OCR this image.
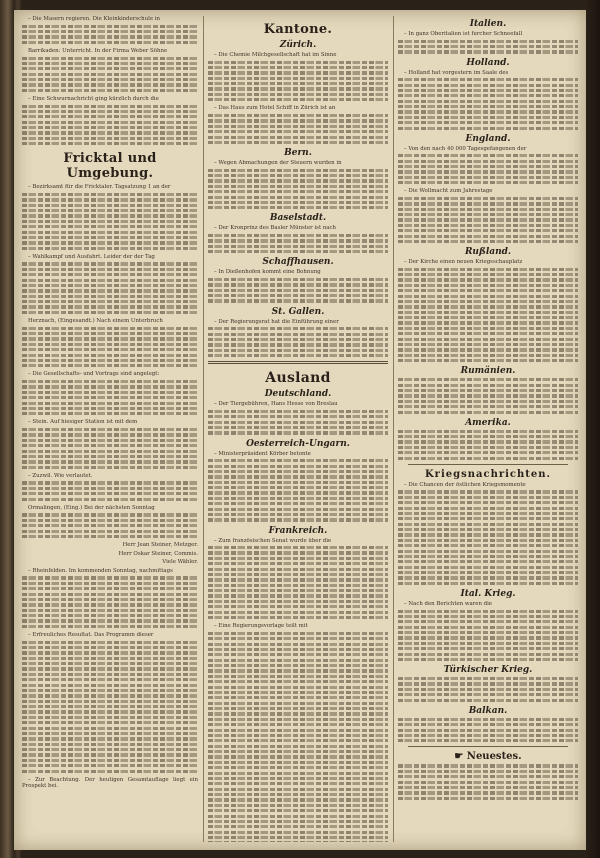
– Die Masern regieren. Die Kleinkinderschule in

Barrikaden: Unterricht. In der Firma Weber Söhne

– Eine Schwurnachricht ging kürzlich durch die

Fricktal und Umgebung.

– Bezirksamt für die Fricktaler. Tagsatzung 1 an der

– Wahlkampf und Ausfahrt. Leider der der Tag

Herznach, (Eingesandt.) Nach einem Unterbruch

– Die Gesellschafts- und Vortrags sind angelegt:

– Stein. Auf hiesiger Station ist mit dem

– Zuzwil. Wie verlautet.

Ormalingen, (Eing.) Bei der nächsten Sonntag

Herr Jean Steiner, Metzger.

Herr Oskar Steiner, Commis.

Viele Wähler.

– Rheinfelden. Im kommenden Sonntag, nachmittags

– Erfreuliches Resultat. Das Programm dieser

– Zur Beachtung. Der heutigen Gesamtauflage liegt ein Prospekt bei.

Kantone.
Zürich.

– Die Chemie Milchgesellschaft hat im Sinne

– Das Haus zum Hotel Schiff in Zürich ist an

Bern.

– Wegen Abmachungen der Steuern wurden in

Baselstadt.

– Der Kronprinz des Basler Münster ist nach

Schaffhausen.

– In Dießenhofen kommt eine Bohnung

St. Gallen.

– Der Regierungsrat hat die Einführung einer

Ausland
Deutschland.

– Der Tiergebühren, Hans Hesse von Breslau

Oesterreich-Ungarn.

– Ministerpräsident Körber betonte

Frankreich.

– Zum französischen Senat wurde über die

– Eine Regierungsvorlage teilt mit

Italien.

– In ganz Oberitalien ist furcher Schneefall

Holland.

– Holland hat vorgestern im Saale des

England.

– Von den nach 40 000 Tagesgefangenen der

– Die Wollmacht zum Jahrestage

Rußland.

– Der Kirche einen neuen Kriegsschauplatz

Rumänien.
Amerika.
Kriegsnachrichten.

– Die Chancen der östlichen Kriegsmomente

Ital. Krieg.

– Nach den Berichten waren die

Türkischer Krieg.
Balkan.
☛ Neuestes.
